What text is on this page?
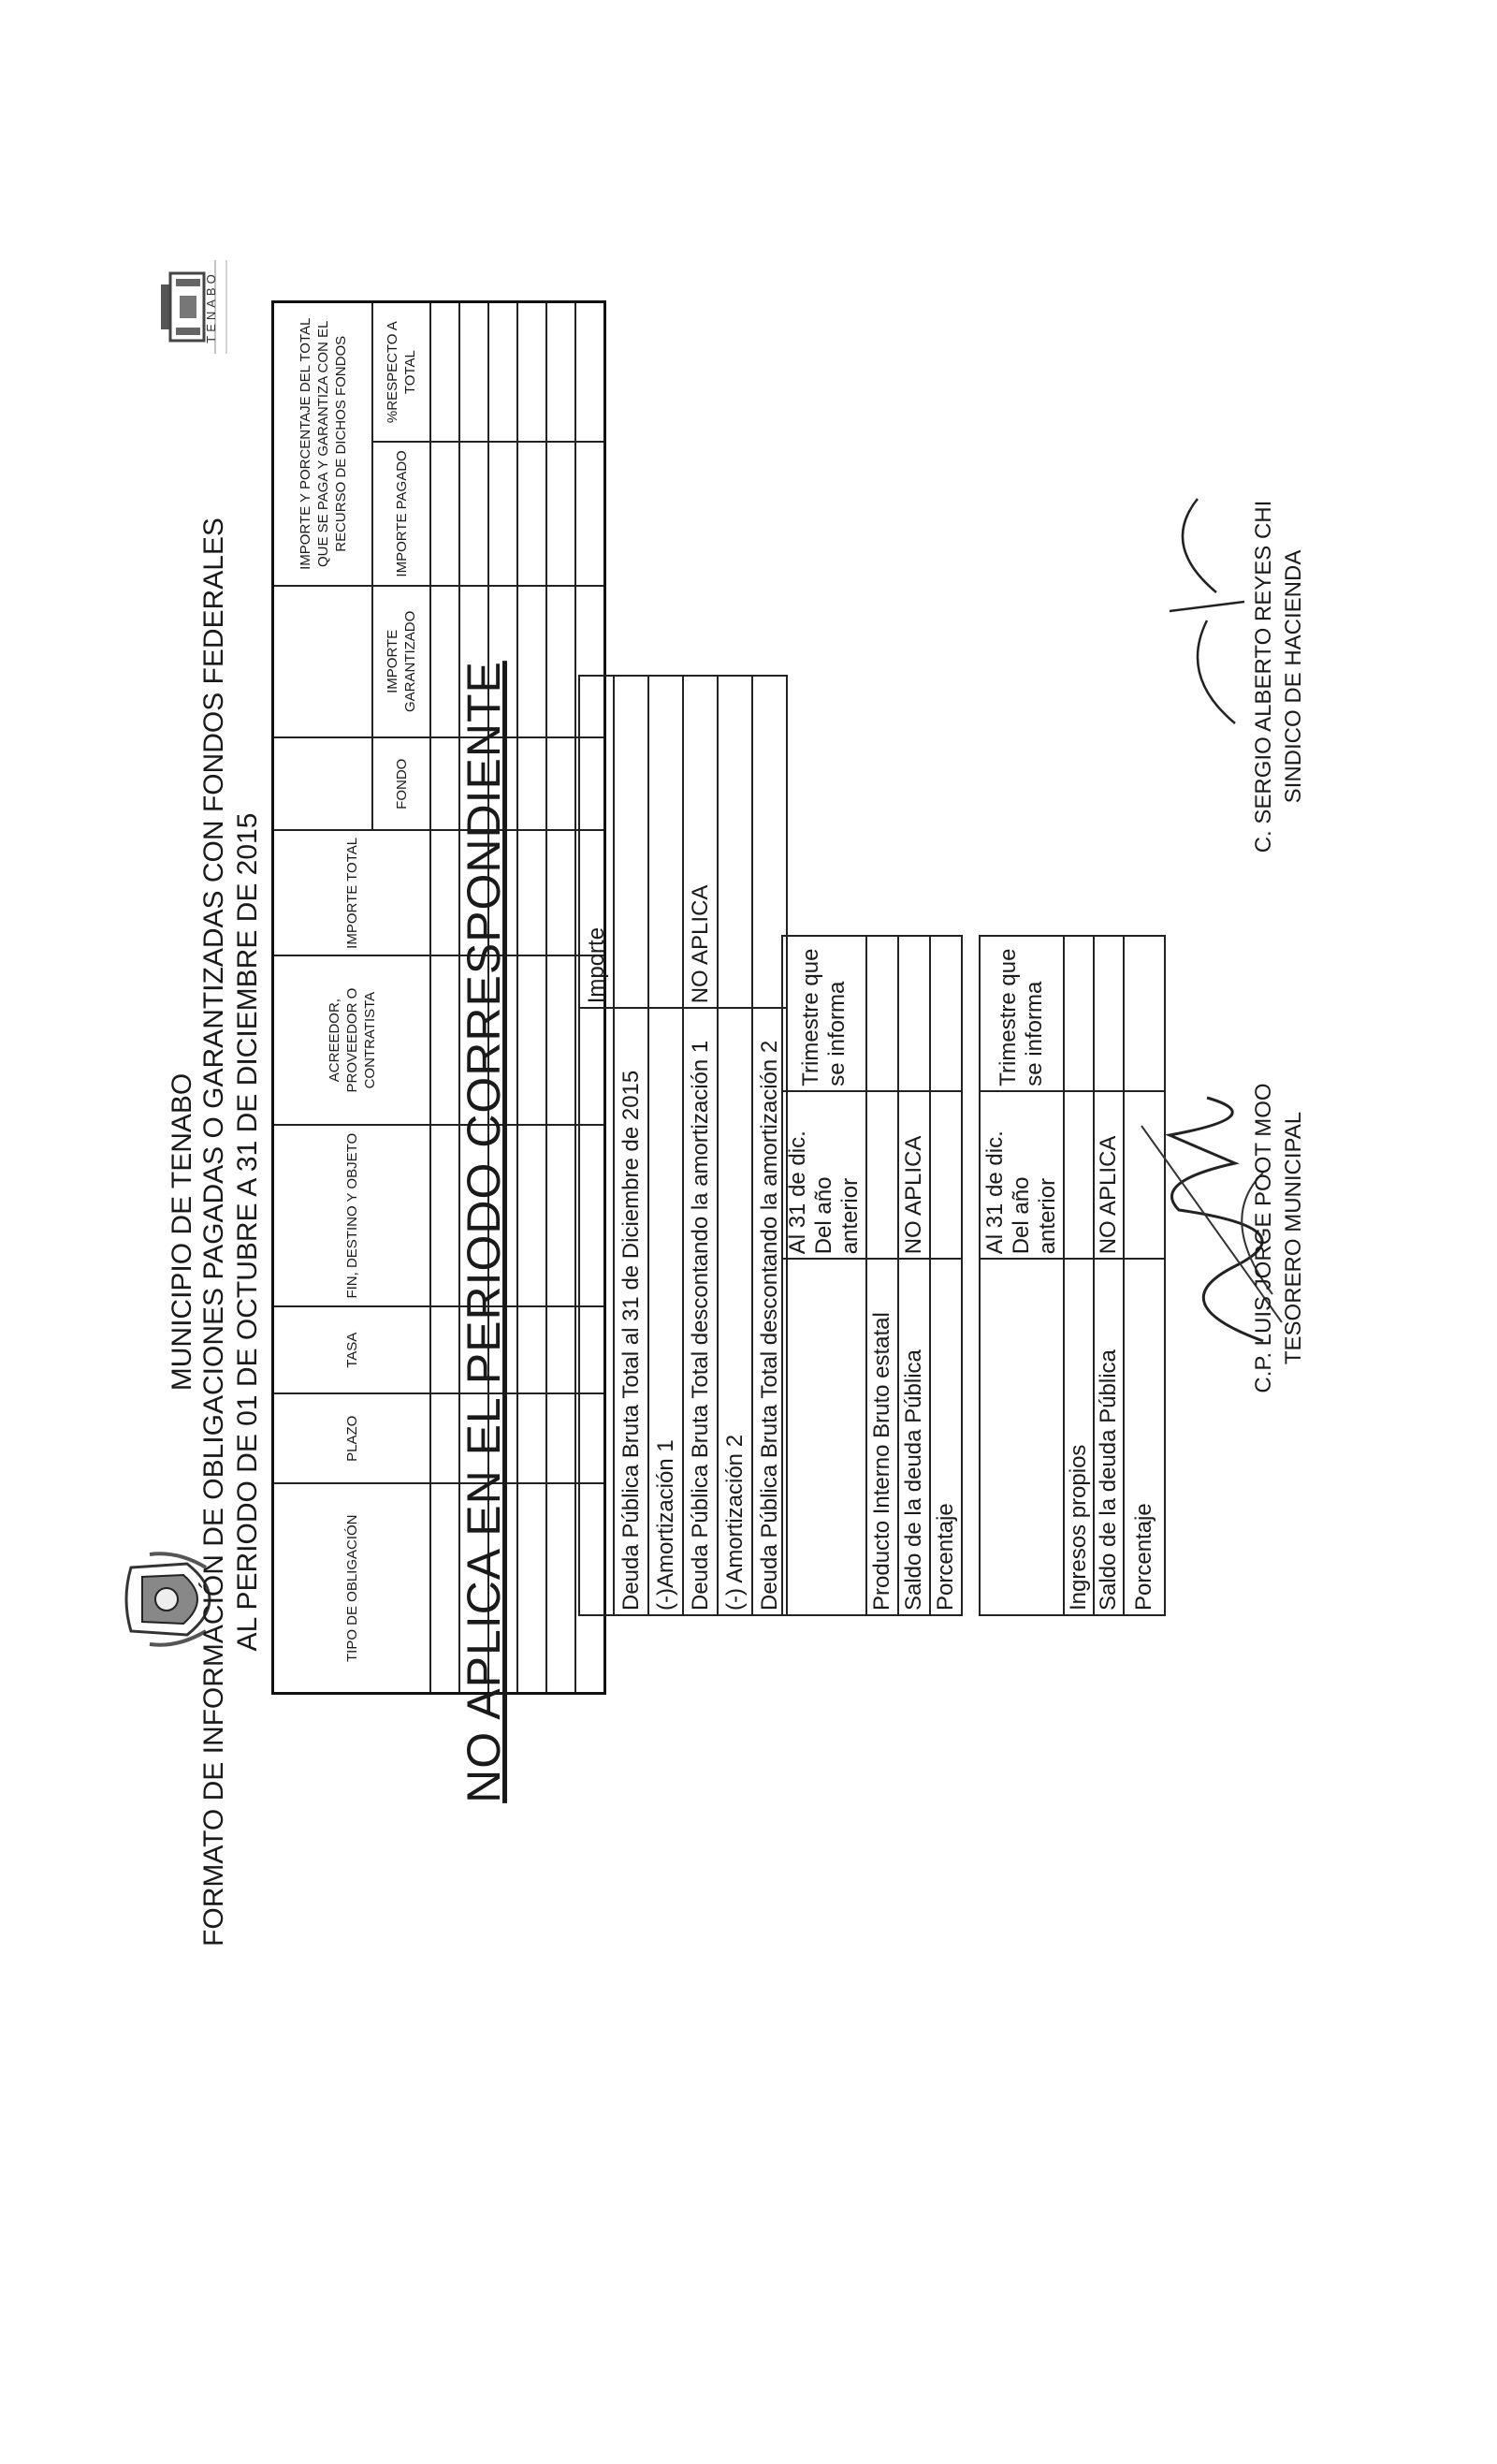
TENABO
MUNICIPIO DE TENABO FORMATO DE INFORMACIÓN DE OBLIGACIONES PAGADAS O GARANTIZADAS CON FONDOS FEDERALES AL PERIODO DE 01 DE OCTUBRE A 31 DE DICIEMBRE DE 2015	TIPO DE OBLIGACIÓN	PLAZO	TASA	FIN, DESTINO Y OBJETO	ACREEDOR, PROVEEDOR O CONTRATISTA	IMPORTE TOTAL			IMPORTE Y PORCENTAJE DEL TOTAL QUE SE PAGA Y GARANTIZA CON EL RECURSO DE DICHOS FONDOS	
						FONDO	IMPORTE GARANTIZADO	IMPORTE PAGADO	%RESPECTO A TOTAL

NO APLICA EN EL PERIODO CORRESPONDIENTE
		Importe
Deuda Pública Bruta Total al 31 de Diciembre de 2015	
(-)Amortización 1	
Deuda Pública Bruta Total descontando la amortización 1	NO APLICA
(-) Amortización 2	
Deuda Pública Bruta Total descontando la amortización 2	
	Al 31 de dic. Del año anterior	Trimestre que se informa
Producto Interno Bruto estatal		
Saldo de la deuda Pública	NO APLICA	
Porcentaje		
	Al 31 de dic. Del año anterior	Trimestre que se informa
Ingresos propios		
Saldo de la deuda Pública	NO APLICA	
Porcentaje		
C.P. LUIS JORGE POOT MOO TESORERO MUNICIPAL
C. SERGIO ALBERTO REYES CHI SINDICO DE HACIENDA
